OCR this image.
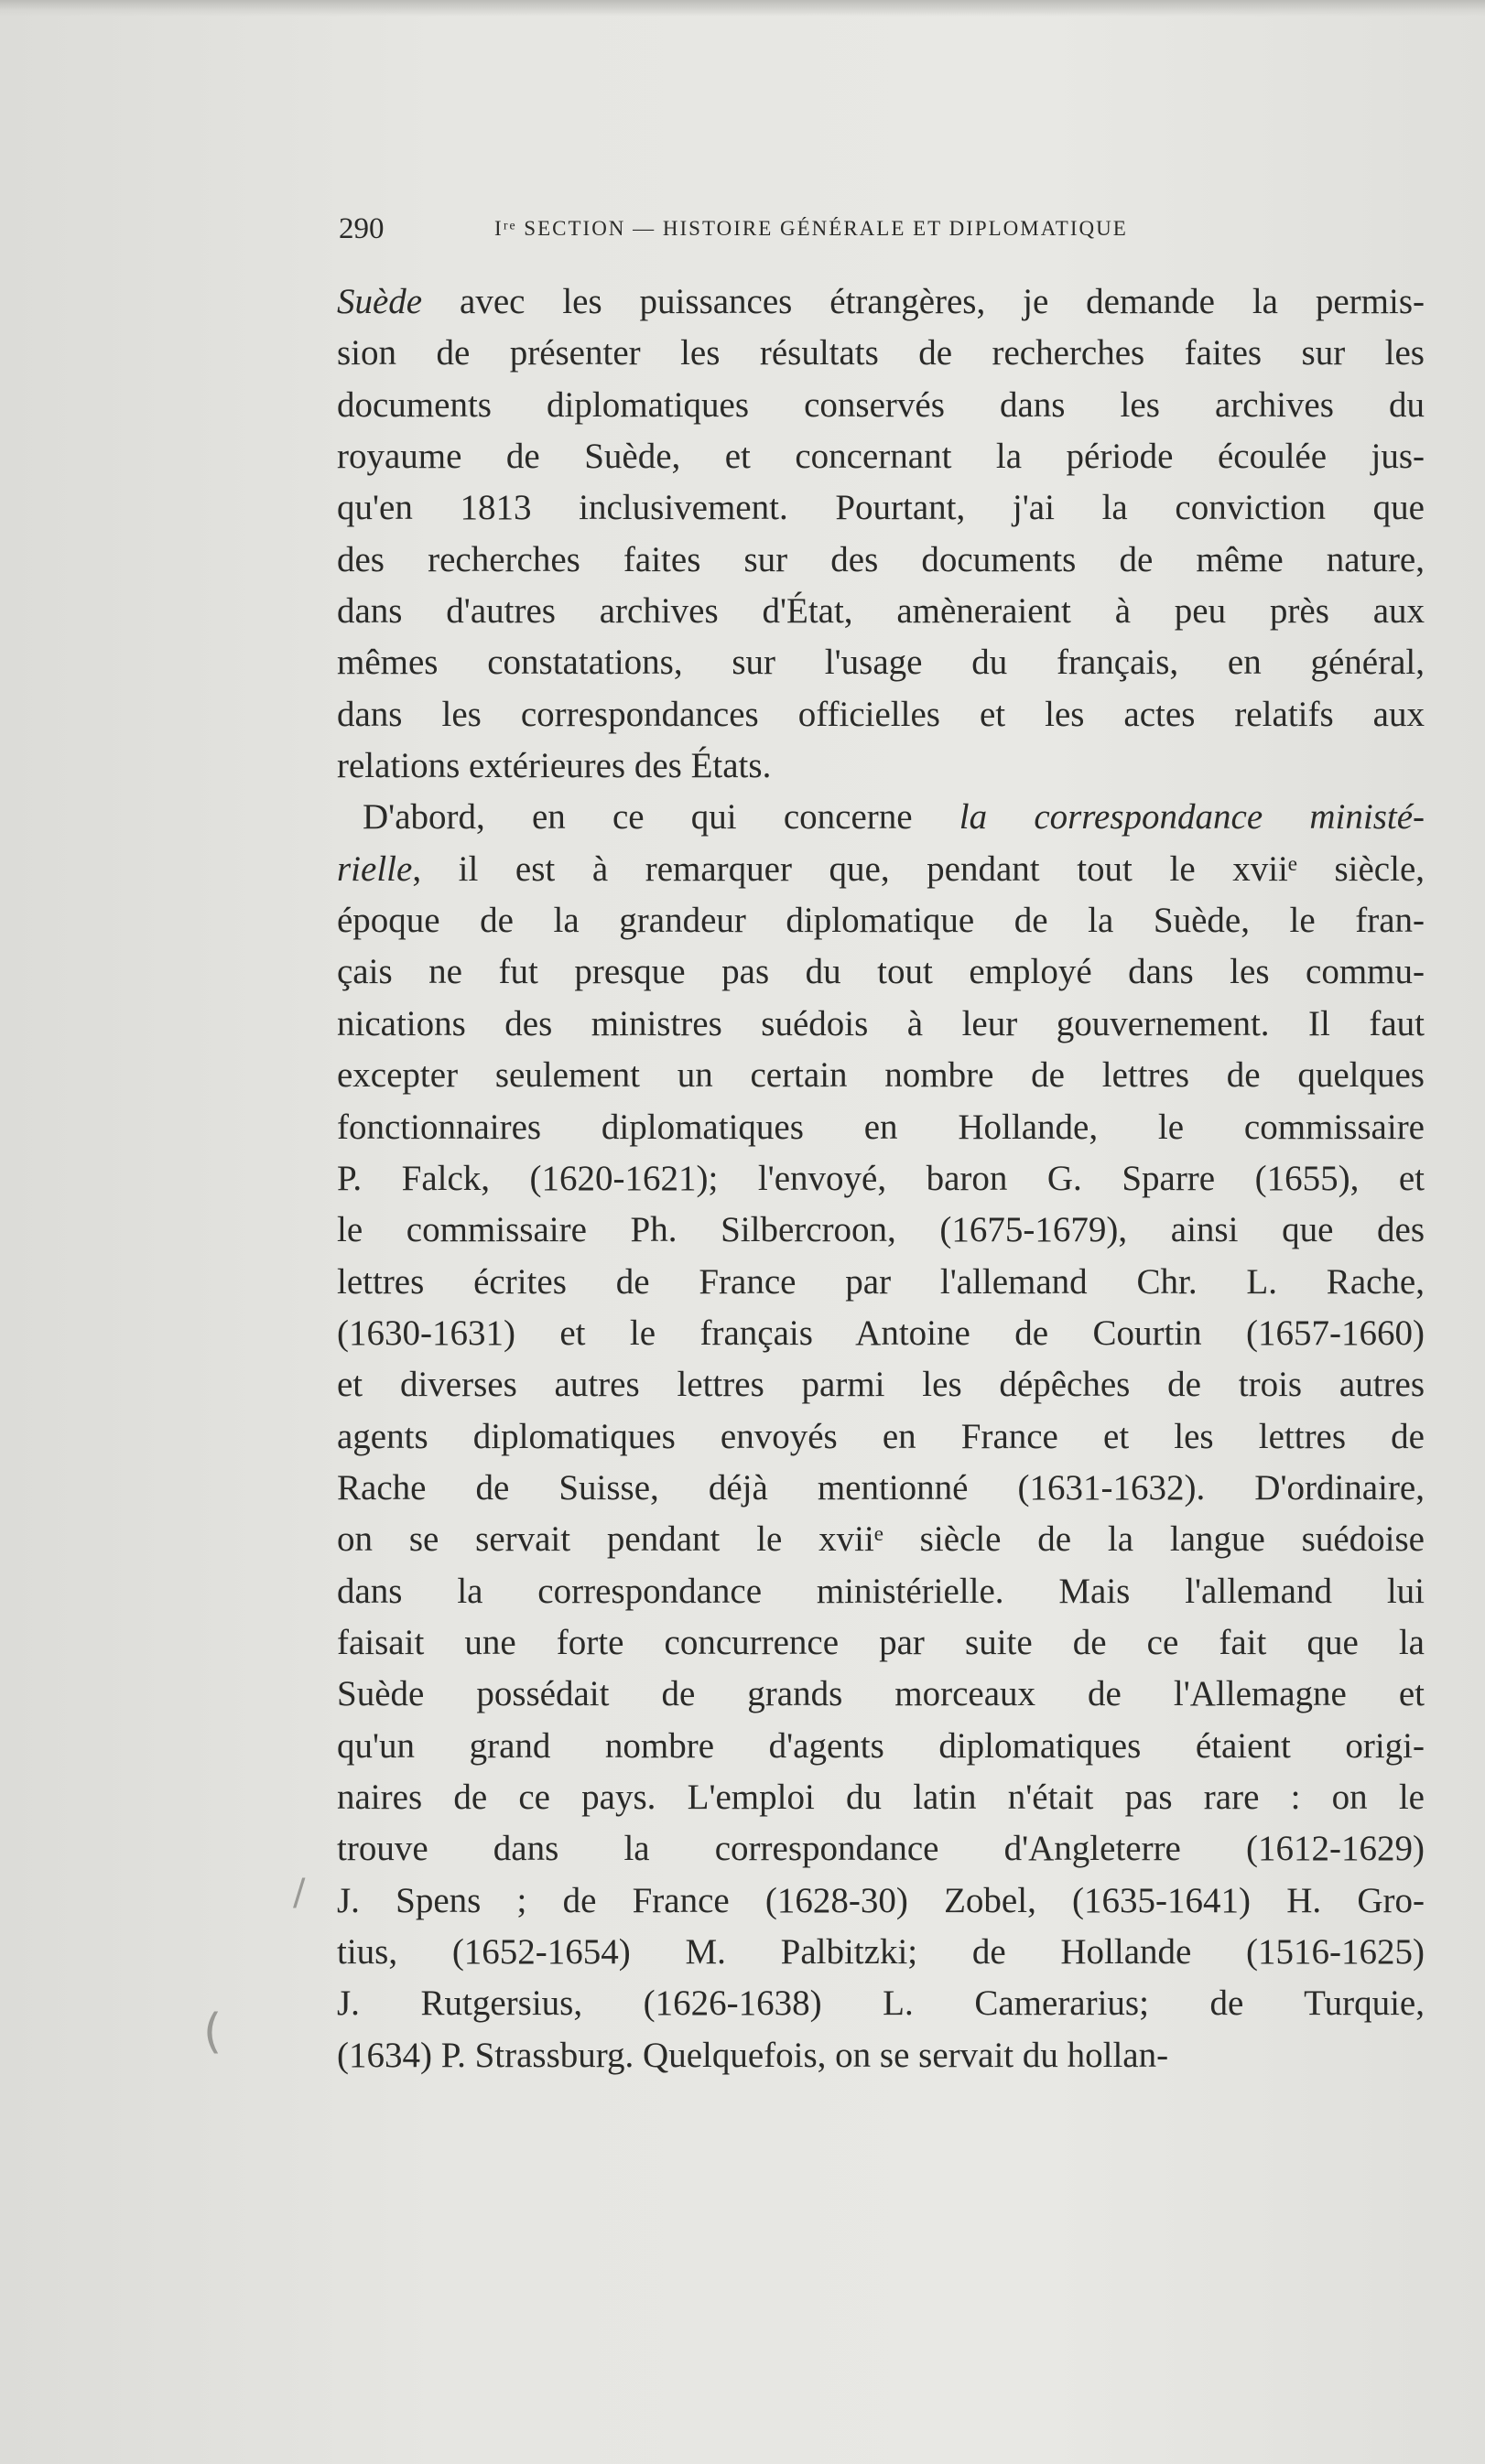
290	Iʳᵉ SECTION — HISTOIRE GÉNÉRALE ET DIPLOMATIQUE
Suède avec les puissances étrangères, je demande la permis-
sion de présenter les résultats de recherches faites sur les
documents diplomatiques conservés dans les archives du
royaume de Suède, et concernant la période écoulée jus-
qu'en 1813 inclusivement. Pourtant, j'ai la conviction que
des recherches faites sur des documents de même nature,
dans d'autres archives d'État, amèneraient à peu près aux
mêmes constatations, sur l'usage du français, en général,
dans les correspondances officielles et les actes relatifs aux
relations extérieures des États.
D'abord, en ce qui concerne la correspondance ministé-
rielle, il est à remarquer que, pendant tout le xviiᵉ siècle,
époque de la grandeur diplomatique de la Suède, le fran-
çais ne fut presque pas du tout employé dans les commu-
nications des ministres suédois à leur gouvernement. Il faut
excepter seulement un certain nombre de lettres de quelques
fonctionnaires diplomatiques en Hollande, le commissaire
P. Falck, (1620-1621); l'envoyé, baron G. Sparre (1655), et
le commissaire Ph. Silbercroon, (1675-1679), ainsi que des
lettres écrites de France par l'allemand Chr. L. Rache,
(1630-1631) et le français Antoine de Courtin (1657-1660)
et diverses autres lettres parmi les dépêches de trois autres
agents diplomatiques envoyés en France et les lettres de
Rache de Suisse, déjà mentionné (1631-1632). D'ordinaire,
on se servait pendant le xviiᵉ siècle de la langue suédoise
dans la correspondance ministérielle. Mais l'allemand lui
faisait une forte concurrence par suite de ce fait que la
Suède possédait de grands morceaux de l'Allemagne et
qu'un grand nombre d'agents diplomatiques étaient origi-
naires de ce pays. L'emploi du latin n'était pas rare : on le
trouve dans la correspondance d'Angleterre (1612-1629)
J. Spens ; de France (1628-30) Zobel, (1635-1641) H. Gro-
tius, (1652-1654) M. Palbitzki; de Hollande (1516-1625)
J. Rutgersius, (1626-1638) L. Camerarius; de Turquie,
(1634) P. Strassburg. Quelquefois, on se servait du hollan-
/
(
